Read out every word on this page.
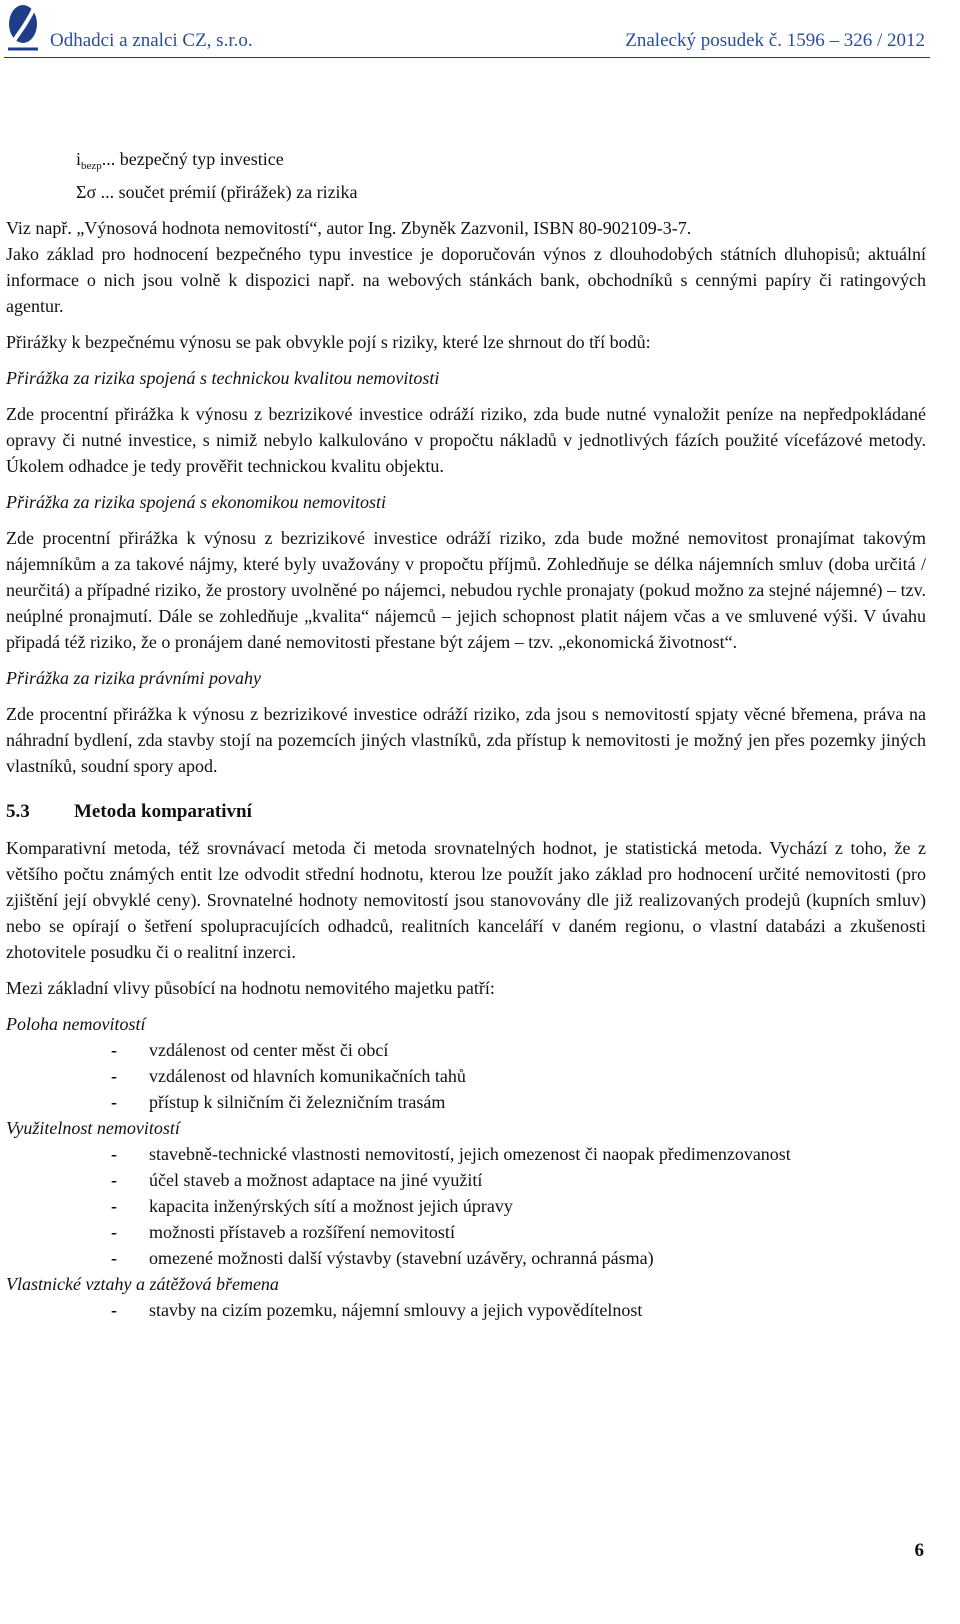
Odhadci a znalci CZ, s.r.o.	Znalecký posudek č. 1596 – 326 / 2012
$i_{bezp}$... bezpečný typ investice
Σσ ... součet prémií (přirážek) za rizika

Viz např. „Výnosová hodnota nemovitostí“, autor Ing. Zbyněk Zazvonil, ISBN 80-902109-3-7.

Jako základ pro hodnocení bezpečného typu investice je doporučován výnos z dlouhodobých státních dluhopisů; aktuální informace o nich jsou volně k dispozici např. na webových stánkách bank, obchodníků s cennými papíry či ratingových agentur.

Přirážky k bezpečnému výnosu se pak obvykle pojí s riziky, které lze shrnout do tří bodů:

Přirážka za rizika spojená s technickou kvalitou nemovitosti

Zde procentní přirážka k výnosu z bezrizikové investice odráží riziko, zda bude nutné vynaložit peníze na nepředpokládané opravy či nutné investice, s nimiž nebylo kalkulováno v propočtu nákladů v jednotlivých fázích použité vícefázové metody. Úkolem odhadce je tedy prověřit technickou kvalitu objektu.

Přirážka za rizika spojená s ekonomikou nemovitosti

Zde procentní přirážka k výnosu z bezrizikové investice odráží riziko, zda bude možné nemovitost pronajímat takovým nájemníkům a za takové nájmy, které byly uvažovány v propočtu příjmů. Zohledňuje se délka nájemních smluv (doba určitá / neurčitá) a případné riziko, že prostory uvolněné po nájemci, nebudou rychle pronajaty (pokud možno za stejné nájemné) – tzv. neúplné pronajmutí. Dále se zohledňuje „kvalita“ nájemců – jejich schopnost platit nájem včas a ve smluvené výši. V úvahu připadá též riziko, že o pronájem dané nemovitosti přestane být zájem – tzv. „ekonomická životnost“.

Přirážka za rizika právními povahy

Zde procentní přirážka k výnosu z bezrizikové investice odráží riziko, zda jsou s nemovitostí spjaty věcné břemena, práva na náhradní bydlení, zda stavby stojí na pozemcích jiných vlastníků, zda přístup k nemovitosti je možný jen přes pozemky jiných vlastníků, soudní spory apod.

5.3 Metoda komparativní

Komparativní metoda, též srovnávací metoda či metoda srovnatelných hodnot, je statistická metoda. Vychází z toho, že z většího počtu známých entit lze odvodit střední hodnotu, kterou lze použít jako základ pro hodnocení určité nemovitosti (pro zjištění její obvyklé ceny). Srovnatelné hodnoty nemovitostí jsou stanovovány dle již realizovaných prodejů (kupních smluv) nebo se opírají o šetření spolupracujících odhadců, realitních kanceláří v daném regionu, o vlastní databázi a zkušenosti zhotovitele posudku či o realitní inzerci.

Mezi základní vlivy působící na hodnotu nemovitého majetku patří:

Poloha nemovitostí
- vzdálenost od center měst či obcí
- vzdálenost od hlavních komunikačních tahů
- přístup k silničním či železničním trasám
Využitelnost nemovitostí
- stavebně-technické vlastnosti nemovitostí, jejich omezenost či naopak předimenzovanost
- účel staveb a možnost adaptace na jiné využití
- kapacita inženýrských sítí a možnost jejich úpravy
- možnosti přístaveb a rozšíření nemovitostí
- omezené možnosti další výstavby (stavební uzávěry, ochranná pásma)
Vlastnické vztahy a zátěžová břemena
- stavby na cizím pozemku, nájemní smlouvy a jejich vypovědítelnost
6
